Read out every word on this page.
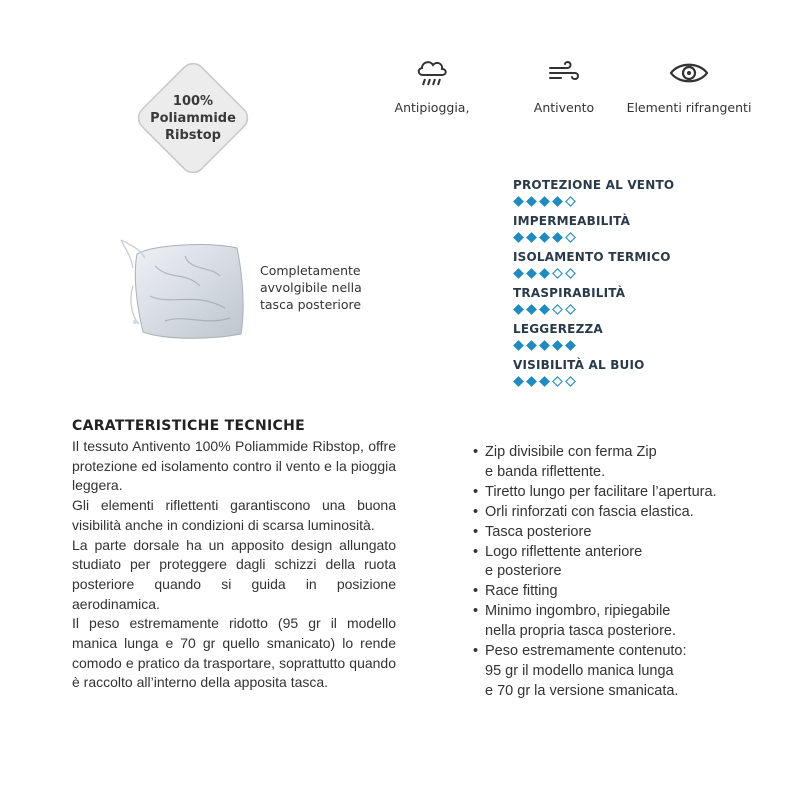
100%
Poliammide
Ribstop
Antipioggia,	Antivento	Elementi rifrangenti
Completamente
avvolgibile nella
tasca posteriore
PROTEZIONE AL VENTO
IMPERMEABILITÀ
ISOLAMENTO TERMICO
TRASPIRABILITÀ
LEGGEREZZA
VISIBILITÀ AL BUIO
CARATTERISTICHE TECNICHE

Il tessuto Antivento 100% Poliammide Ribstop, offre protezione ed isolamento contro il vento e la pioggia leggera.

Gli elementi riflettenti garantiscono una buona visibilità anche in condizioni di scarsa luminosità.

La parte dorsale ha un apposito design allungato studiato per proteggere dagli schizzi della ruota posteriore quando si guida in posizione aerodinamica.

Il peso estremamente ridotto (95 gr il modello manica lunga e 70 gr quello smanicato) lo rende comodo e pratico da trasportare, soprattutto quando è raccolto all’interno della apposita tasca.

• Zip divisibile con ferma Zip
e banda riflettente.
• Tiretto lungo per facilitare l’apertura.
• Orli rinforzati con fascia elastica.
• Tasca posteriore
• Logo riflettente anteriore
e posteriore
• Race fitting
• Minimo ingombro, ripiegabile
nella propria tasca posteriore.
• Peso estremamente contenuto:
95 gr il modello manica lunga
e 70 gr la versione smanicata.
